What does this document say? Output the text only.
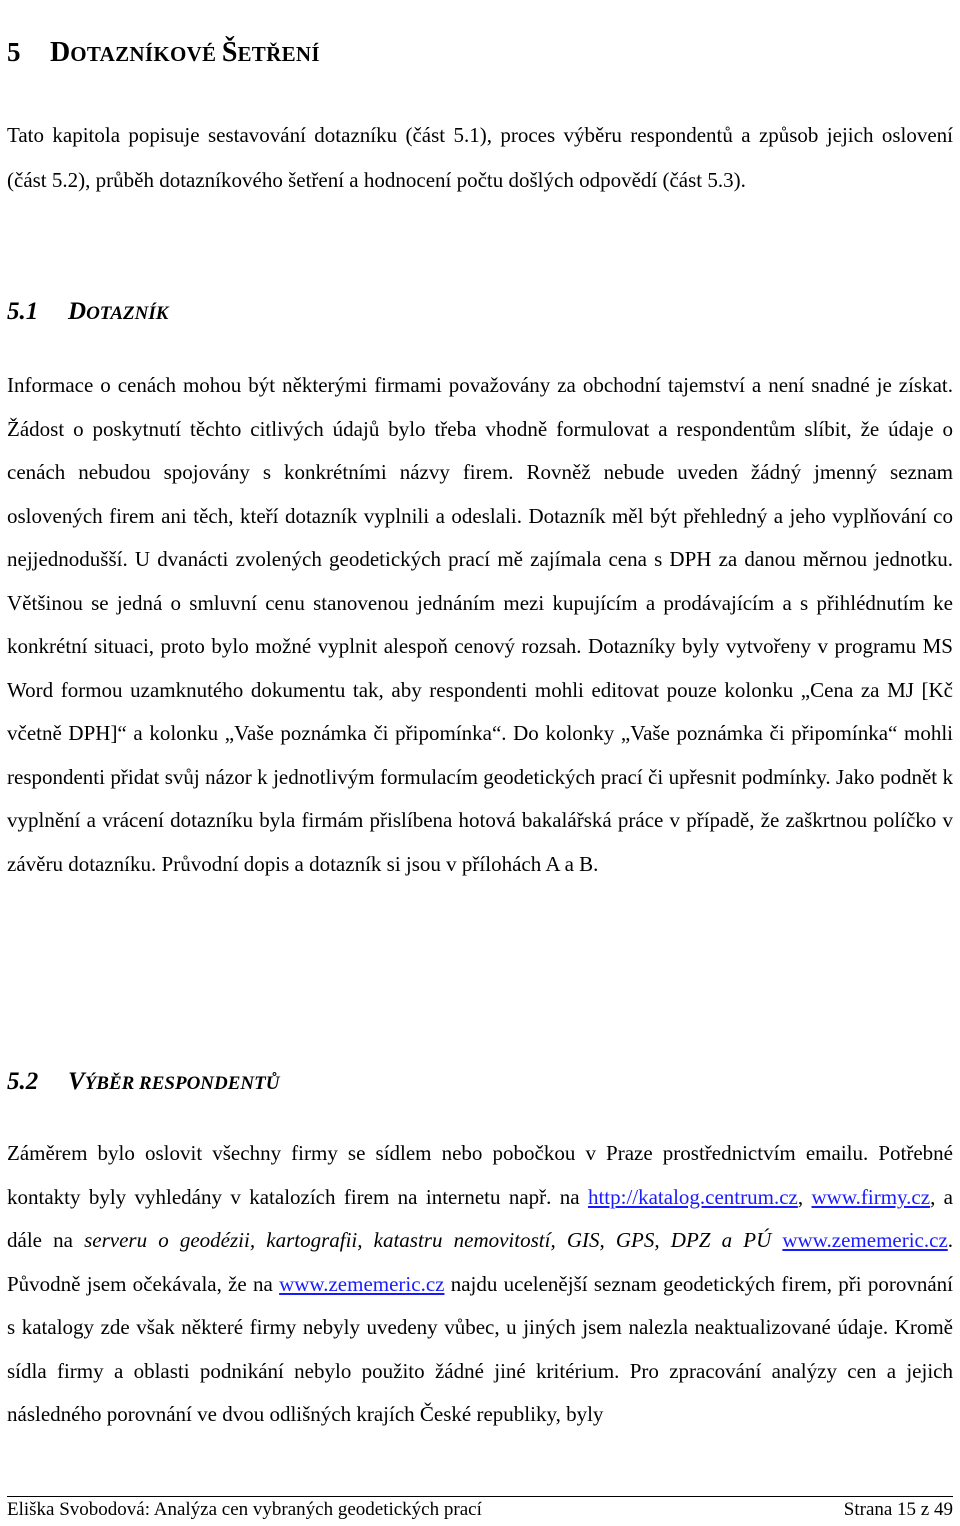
5 DOTAZNÍKOVÉ ŠETŘENÍ

Tato kapitola popisuje sestavování dotazníku (část 5.1), proces výběru respondentů a způsob jejich oslovení (část 5.2), průběh dotazníkového šetření a hodnocení počtu došlých odpovědí (část 5.3).

5.1 DOTAZNÍK

Informace o cenách mohou být některými firmami považovány za obchodní tajemství a není snadné je získat. Žádost o poskytnutí těchto citlivých údajů bylo třeba vhodně formulovat a respondentům slíbit, že údaje o cenách nebudou spojovány s konkrétními názvy firem. Rovněž nebude uveden žádný jmenný seznam oslovených firem ani těch, kteří dotazník vyplnili a odeslali. Dotazník měl být přehledný a jeho vyplňování co nejjednodušší. U dvanácti zvolených geodetických prací mě zajímala cena s DPH za danou měrnou jednotku. Většinou se jedná o smluvní cenu stanovenou jednáním mezi kupujícím a prodávajícím a s přihlédnutím ke konkrétní situaci, proto bylo možné vyplnit alespoň cenový rozsah. Dotazníky byly vytvořeny v programu MS Word formou uzamknutého dokumentu tak, aby respondenti mohli editovat pouze kolonku „Cena za MJ [Kč včetně DPH]“ a kolonku „Vaše poznámka či připomínka“. Do kolonky „Vaše poznámka či připomínka“ mohli respondenti přidat svůj názor k jednotlivým formulacím geodetických prací či upřesnit podmínky. Jako podnět k vyplnění a vrácení dotazníku byla firmám přislíbena hotová bakalářská práce v případě, že zaškrtnou políčko v závěru dotazníku. Průvodní dopis a dotazník si jsou v přílohách A a B.

5.2 VÝBĚR RESPONDENTŮ

Záměrem bylo oslovit všechny firmy se sídlem nebo pobočkou v Praze prostřednictvím emailu. Potřebné kontakty byly vyhledány v katalozích firem na internetu např. na http://katalog.centrum.cz, www.firmy.cz, a dále na serveru o geodézii, kartografii, katastru nemovitostí, GIS, GPS, DPZ a PÚ www.zememeric.cz. Původně jsem očekávala, že na www.zememeric.cz najdu ucelenější seznam geodetických firem, při porovnání s katalogy zde však některé firmy nebyly uvedeny vůbec, u jiných jsem nalezla neaktualizované údaje. Kromě sídla firmy a oblasti podnikání nebylo použito žádné jiné kritérium. Pro zpracování analýzy cen a jejich následného porovnání ve dvou odlišných krajích České republiky, byly

Eliška Svobodová: Analýza cen vybraných geodetických prací	Strana 15 z 49
